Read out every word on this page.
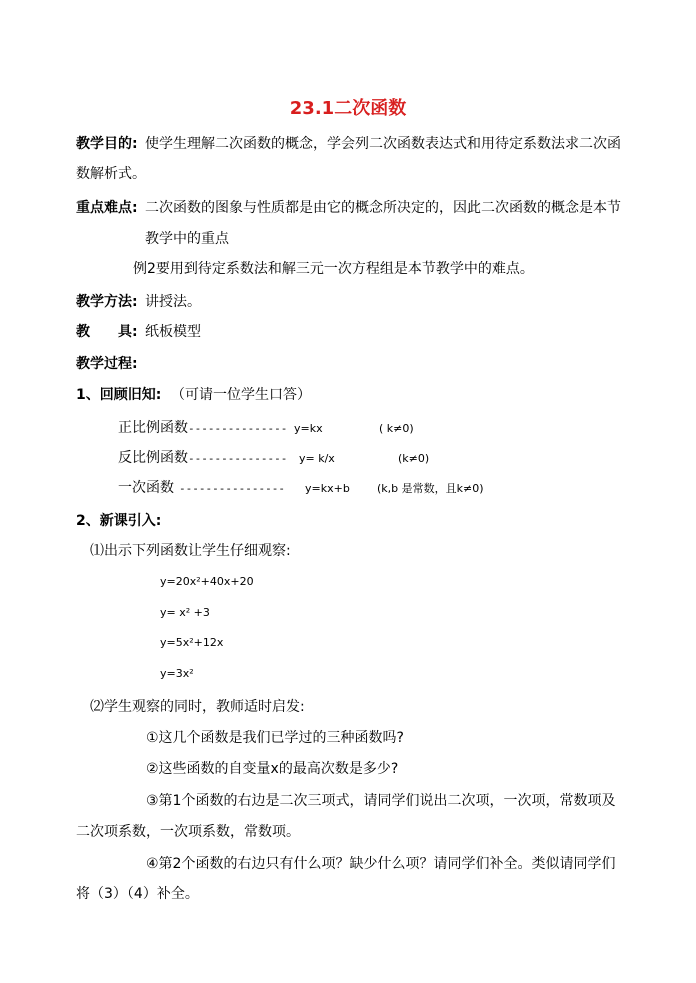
23.1二次函数
教学目的: 使学生理解二次函数的概念，学会列二次函数表达式和用待定系数法求二次函
数解析式。
重点难点: 二次函数的图象与性质都是由它的概念所决定的，因此二次函数的概念是本节
教学中的重点
例2要用到待定系数法和解三元一次方程组是本节教学中的难点。
教学方法: 讲授法。
教 具: 纸板模型
教学过程:
1、回顾旧知: （可请一位学生口答）
正比例函数 --------------- y=kx	( k≠0)
反比例函数 --------------- y= k/x	(k≠0)
一次函数 ---------------- y=kx+b (k,b 是常数，且k≠0)
2、新课引入:
⑴出示下列函数让学生仔细观察:
y=20x²+40x+20
y= x² +3
y=5x²+12x
y=3x²
⑵学生观察的同时，教师适时启发:
①这几个函数是我们已学过的三种函数吗?
②这些函数的自变量x的最高次数是多少?
③第1个函数的右边是二次三项式，请同学们说出二次项，一次项，常数项及
二次项系数，一次项系数，常数项。
④第2个函数的右边只有什么项？缺少什么项？请同学们补全。类似请同学们
将（3）（4）补全。
